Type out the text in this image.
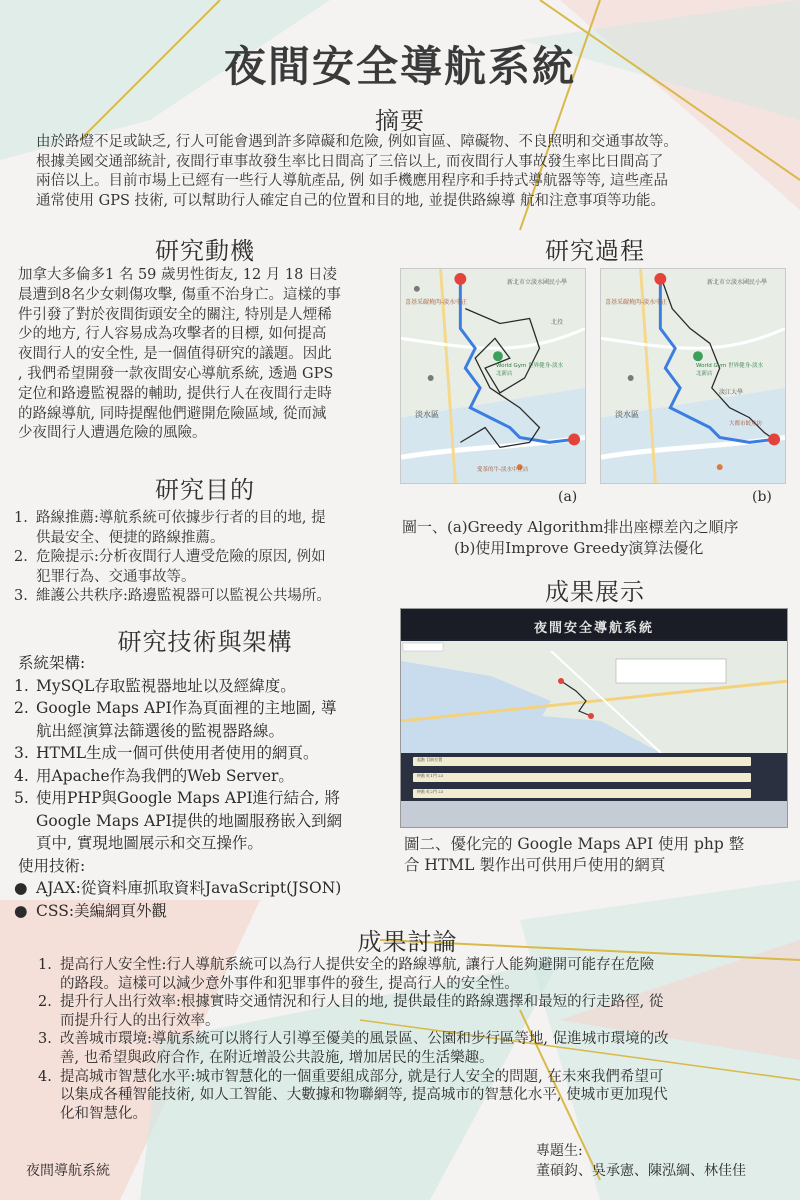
夜間安全導航系統
摘要
由於路燈不足或缺乏, 行人可能會遇到許多障礙和危險, 例如盲區、障礙物、不良照明和交通事故等。
根據美國交通部統計, 夜間行車事故發生率比日間高了三倍以上, 而夜間行人事故發生率比日間高了
兩倍以上。目前市場上已經有一些行人導航產品, 例 如手機應用程序和手持式導航器等等, 這些產品
通常使用 GPS 技術, 可以幫助行人確定自己的位置和目的地, 並提供路線導 航和注意事項等功能。
研究動機
加拿大多倫多1 名 59 歲男性街友, 12 月 18 日凌
晨遭到8名少女刺傷攻擊, 傷重不治身亡。這樣的事
件引發了對於夜間街頭安全的關注, 特別是人煙稀
少的地方, 行人容易成為攻擊者的目標, 如何提高
夜間行人的安全性, 是一個值得研究的議題。因此
, 我們希望開發一款夜間安心導航系統, 透過 GPS
定位和路邊監視器的輔助, 提供行人在夜間行走時
的路線導航, 同時提醒他們避開危險區域, 從而減
少夜間行人遭遇危險的風險。
研究目的
1. 路線推薦:導航系統可依據步行者的目的地, 提
供最安全、便捷的路線推薦。
2. 危險提示:分析夜間行人遭受危險的原因, 例如
犯罪行為、交通事故等。
3. 維護公共秩序:路邊監視器可以監視公共場所。
研究技術與架構
系統架構:
1. MySQL存取監視器地址以及經緯度。
2. Google Maps API作為頁面裡的主地圖, 導
航出經演算法篩選後的監視器路線。
3. HTML生成一個可供使用者使用的網頁。
4. 用Apache作為我們的Web Server。
5. 使用PHP與Google Maps API進行結合, 將
Google Maps API提供的地圖服務嵌入到網
頁中, 實現地圖展示和交互操作。
使用技術:
● AJAX:從資料庫抓取資料JavaScript(JSON)
● CSS:美編網頁外觀
研究過程
新北市立淡水國民小學
喜基采碳燒肉-淡水中正
北投
World Gym 世界健身-淡水北新店
淡水區
愛茶的牛-淡水中正店
新北市立淡水國民小學
喜基采碳燒肉-淡水中正
World Gym 世界健身-淡水北新店
淡江大學
大都市餃魚坊
淡水區
(a)	(b)
圖一、(a)Greedy Algorithm排出座標差內之順序
(b)使用Improve Greedy演算法優化
成果展示
夜間安全導航系統
起點 目前位置
終點 紅1門 23
終點 紅2門 23
圖二、優化完的 Google Maps API 使用 php 整
合 HTML 製作出可供用戶使用的網頁
成果討論
1. 提高行人安全性:行人導航系統可以為行人提供安全的路線導航, 讓行人能夠避開可能存在危險
的路段。這樣可以減少意外事件和犯罪事件的發生, 提高行人的安全性。
2. 提升行人出行效率:根據實時交通情況和行人目的地, 提供最佳的路線選擇和最短的行走路徑, 從
而提升行人的出行效率。
3. 改善城市環境:導航系統可以將行人引導至優美的風景區、公園和步行區等地, 促進城市環境的改
善, 也希望與政府合作, 在附近增設公共設施, 增加居民的生活樂趣。
4. 提高城市智慧化水平:城市智慧化的一個重要組成部分, 就是行人安全的問題, 在未來我們希望可
以集成各種智能技術, 如人工智能、大數據和物聯網等, 提高城市的智慧化水平, 使城市更加現代
化和智慧化。
夜間導航系統
專題生:
董碩鈞、吳承憲、陳泓綱、林佳佳
